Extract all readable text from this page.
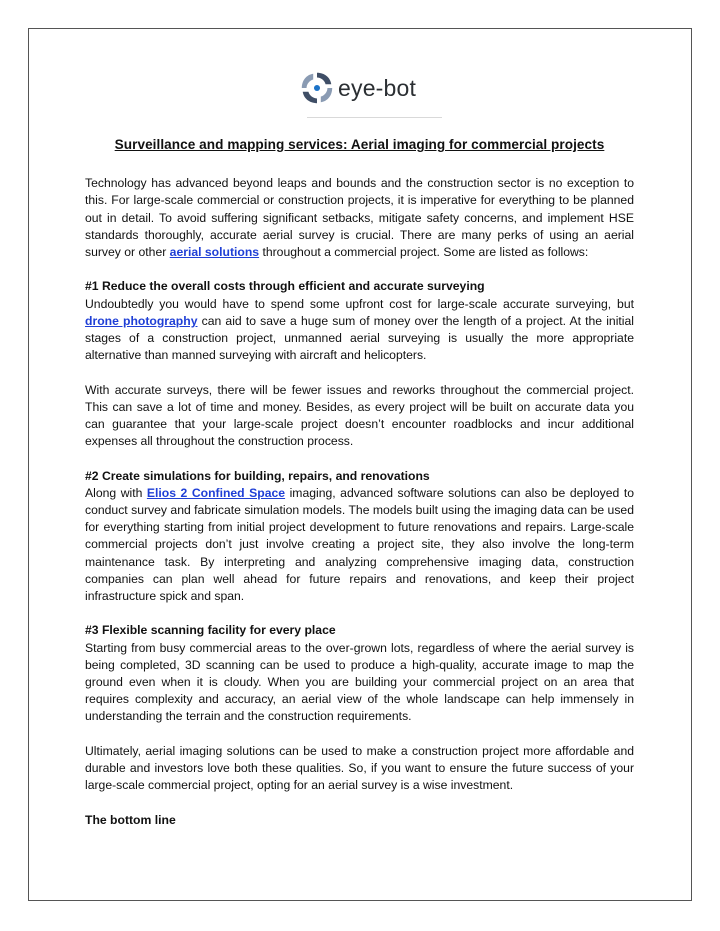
eye-bot
Surveillance and mapping services: Aerial imaging for commercial projects

Technology has advanced beyond leaps and bounds and the construction sector is no exception to this. For large-scale commercial or construction projects, it is imperative for everything to be planned out in detail. To avoid suffering significant setbacks, mitigate safety concerns, and implement HSE standards thoroughly, accurate aerial survey is crucial. There are many perks of using an aerial survey or other aerial solutions throughout a commercial project. Some are listed as follows:

#1 Reduce the overall costs through efficient and accurate surveying

Undoubtedly you would have to spend some upfront cost for large-scale accurate surveying, but drone photography can aid to save a huge sum of money over the length of a project. At the initial stages of a construction project, unmanned aerial surveying is usually the more appropriate alternative than manned surveying with aircraft and helicopters.

With accurate surveys, there will be fewer issues and reworks throughout the commercial project. This can save a lot of time and money. Besides, as every project will be built on accurate data you can guarantee that your large-scale project doesn’t encounter roadblocks and incur additional expenses all throughout the construction process.

#2 Create simulations for building, repairs, and renovations

Along with Elios 2 Confined Space imaging, advanced software solutions can also be deployed to conduct survey and fabricate simulation models. The models built using the imaging data can be used for everything starting from initial project development to future renovations and repairs. Large-scale commercial projects don’t just involve creating a project site, they also involve the long-term maintenance task. By interpreting and analyzing comprehensive imaging data, construction companies can plan well ahead for future repairs and renovations, and keep their project infrastructure spick and span.

#3 Flexible scanning facility for every place

Starting from busy commercial areas to the over-grown lots, regardless of where the aerial survey is being completed, 3D scanning can be used to produce a high-quality, accurate image to map the ground even when it is cloudy. When you are building your commercial project on an area that requires complexity and accuracy, an aerial view of the whole landscape can help immensely in understanding the terrain and the construction requirements.

Ultimately, aerial imaging solutions can be used to make a construction project more affordable and durable and investors love both these qualities. So, if you want to ensure the future success of your large-scale commercial project, opting for an aerial survey is a wise investment.

The bottom line
